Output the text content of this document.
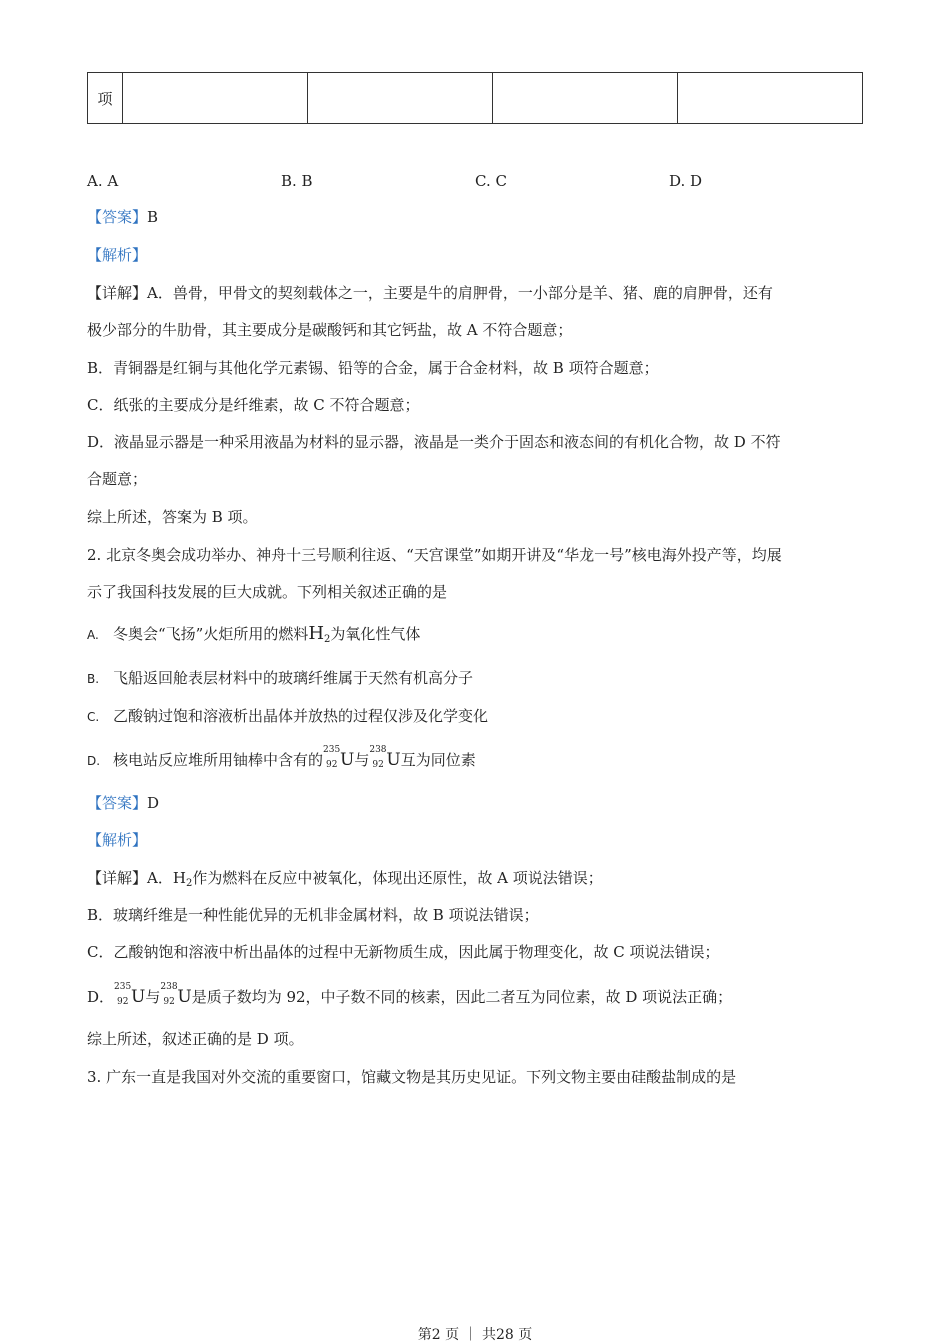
项				
A. A	B. B	C. C	D. D
【答案】B
【解析】
【详解】A．兽骨，甲骨文的契刻载体之一，主要是牛的肩胛骨，一小部分是羊、猪、鹿的肩胛骨，还有
极少部分的牛肋骨，其主要成分是碳酸钙和其它钙盐，故 A 不符合题意；
B．青铜器是红铜与其他化学元素锡、铅等的合金，属于合金材料，故 B 项符合题意；
C．纸张的主要成分是纤维素，故 C 不符合题意；
D．液晶显示器是一种采用液晶为材料的显示器，液晶是一类介于固态和液态间的有机化合物，故 D 不符
合题意；
综上所述，答案为 B 项。
2. 北京冬奥会成功举办、神舟十三号顺利往返、“天宫课堂”如期开讲及“华龙一号”核电海外投产等，均展
示了我国科技发展的巨大成就。下列相关叙述正确的是
A. 冬奥会“飞扬”火炬所用的燃料$H_2$为氧化性气体
B. 飞船返回舱表层材料中的玻璃纤维属于天然有机高分子
C. 乙酸钠过饱和溶液析出晶体并放热的过程仅涉及化学变化
D. 核电站反应堆所用铀棒中含有的
235
92 U与
238
92 U互为同位素
【答案】D
【解析】
【详解】A．$H_2$作为燃料在反应中被氧化，体现出还原性，故 A 项说法错误；
B．玻璃纤维是一种性能优异的无机非金属材料，故 B 项说法错误；
C．乙酸钠饱和溶液中析出晶体的过程中无新物质生成，因此属于物理变化，故 C 项说法错误；
D．
235
92 U与
238
92 U是质子数均为 92，中子数不同的核素，因此二者互为同位素，故 D 项说法正确；
综上所述，叙述正确的是 D 项。
3. 广东一直是我国对外交流的重要窗口，馆藏文物是其历史见证。下列文物主要由硅酸盐制成的是
第2 页 ｜ 共28 页
